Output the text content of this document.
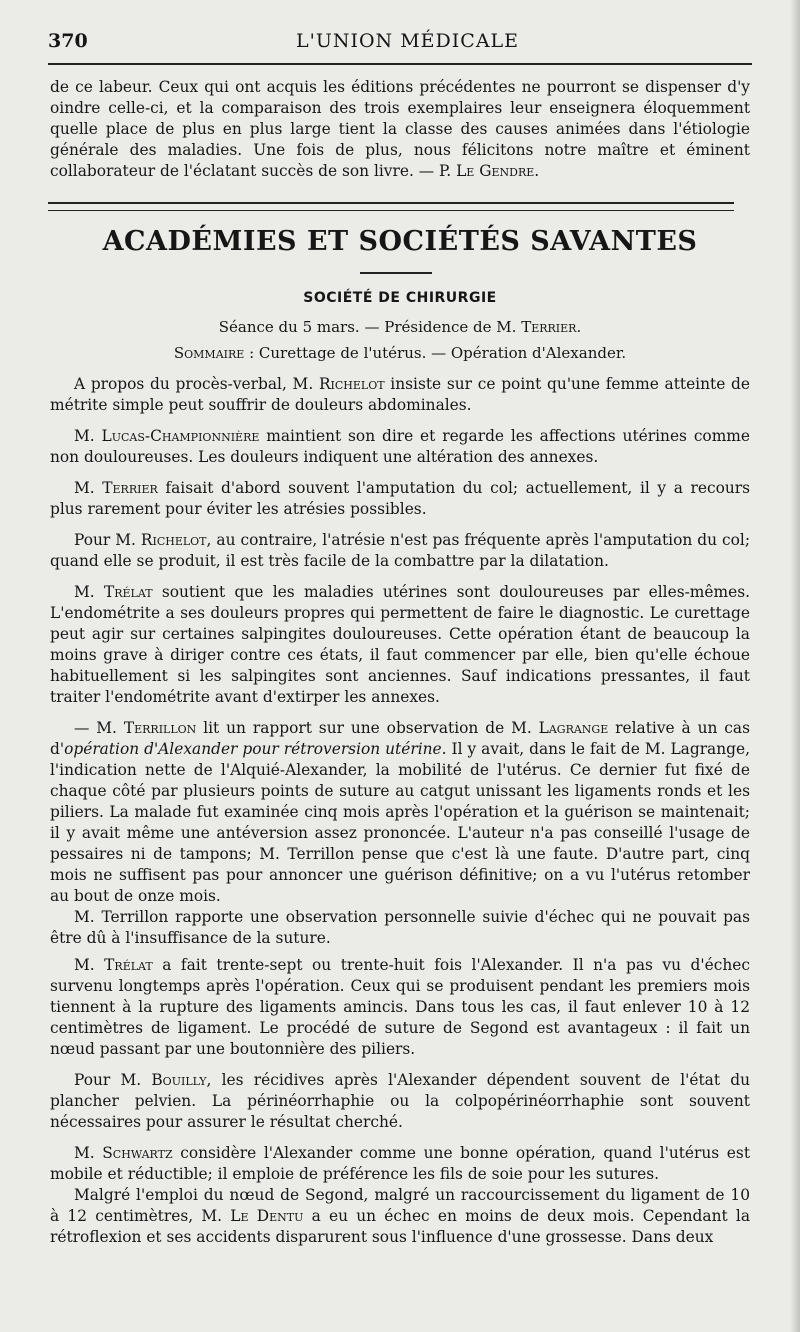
370	L'UNION MÉDICALE

de ce labeur. Ceux qui ont acquis les éditions précédentes ne pourront se dispenser d'y oindre celle-ci, et la comparaison des trois exemplaires leur enseignera éloquemment quelle place de plus en plus large tient la classe des causes animées dans l'étiologie générale des maladies. Une fois de plus, nous félicitons notre maître et éminent collaborateur de l'éclatant succès de son livre. — P. Le Gendre.

ACADÉMIES ET SOCIÉTÉS SAVANTES
SOCIÉTÉ DE CHIRURGIE
Séance du 5 mars. — Présidence de M. Terrier.
Sommaire : Curettage de l'utérus. — Opération d'Alexander.

A propos du procès-verbal, M. Richelot insiste sur ce point qu'une femme atteinte de métrite simple peut souffrir de douleurs abdominales.

M. Lucas-Championnière maintient son dire et regarde les affections utérines comme non douloureuses. Les douleurs indiquent une altération des annexes.

M. Terrier faisait d'abord souvent l'amputation du col; actuellement, il y a recours plus rarement pour éviter les atrésies possibles.

Pour M. Richelot, au contraire, l'atrésie n'est pas fréquente après l'amputation du col; quand elle se produit, il est très facile de la combattre par la dilatation.

M. Trélat soutient que les maladies utérines sont douloureuses par elles-mêmes. L'endométrite a ses douleurs propres qui permettent de faire le diagnostic. Le curettage peut agir sur certaines salpingites douloureuses. Cette opération étant de beaucoup la moins grave à diriger contre ces états, il faut commencer par elle, bien qu'elle échoue habituellement si les salpingites sont anciennes. Sauf indications pressantes, il faut traiter l'endométrite avant d'extirper les annexes.

— M. Terrillon lit un rapport sur une observation de M. Lagrange relative à un cas d'opération d'Alexander pour rétroversion utérine. Il y avait, dans le fait de M. Lagrange, l'indication nette de l'Alquié-Alexander, la mobilité de l'utérus. Ce dernier fut fixé de chaque côté par plusieurs points de suture au catgut unissant les ligaments ronds et les piliers. La malade fut examinée cinq mois après l'opération et la guérison se maintenait; il y avait même une antéversion assez prononcée. L'auteur n'a pas conseillé l'usage de pessaires ni de tampons; M. Terrillon pense que c'est là une faute. D'autre part, cinq mois ne suffisent pas pour annoncer une guérison définitive; on a vu l'utérus retomber au bout de onze mois.

M. Terrillon rapporte une observation personnelle suivie d'échec qui ne pouvait pas être dû à l'insuffisance de la suture.

M. Trélat a fait trente-sept ou trente-huit fois l'Alexander. Il n'a pas vu d'échec survenu longtemps après l'opération. Ceux qui se produisent pendant les premiers mois tiennent à la rupture des ligaments amincis. Dans tous les cas, il faut enlever 10 à 12 centimètres de ligament. Le procédé de suture de Segond est avantageux : il fait un nœud passant par une boutonnière des piliers.

Pour M. Bouilly, les récidives après l'Alexander dépendent souvent de l'état du plancher pelvien. La périnéorrhaphie ou la colpopérinéorrhaphie sont souvent nécessaires pour assurer le résultat cherché.

M. Schwartz considère l'Alexander comme une bonne opération, quand l'utérus est mobile et réductible; il emploie de préférence les fils de soie pour les sutures.

Malgré l'emploi du nœud de Segond, malgré un raccourcissement du ligament de 10 à 12 centimètres, M. Le Dentu a eu un échec en moins de deux mois. Cependant la rétroflexion et ses accidents disparurent sous l'influence d'une grossesse. Dans deux
